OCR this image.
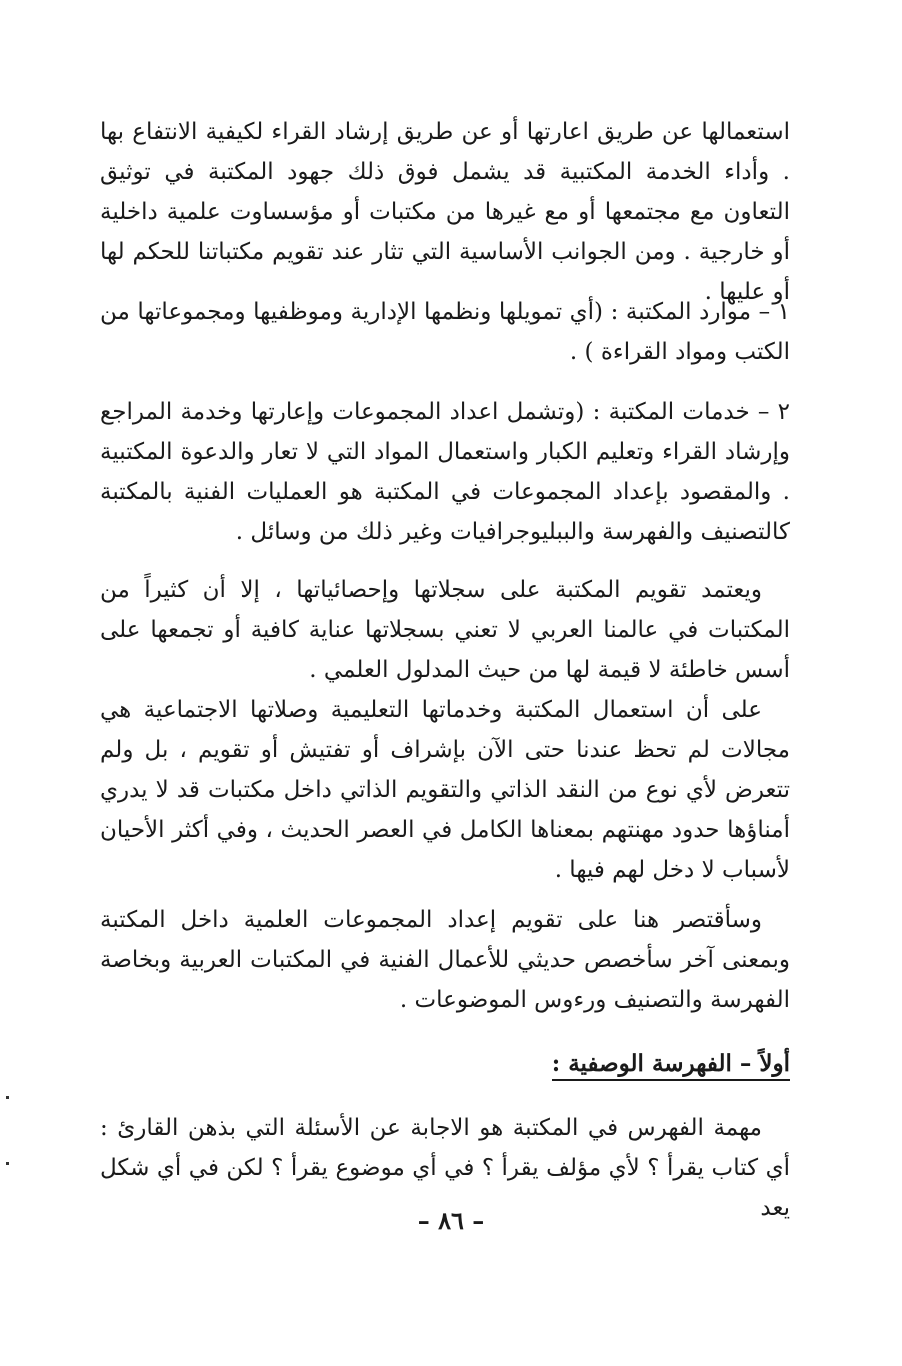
استعمالها عن طريق اعارتها أو عن طريق إرشاد القراء لكيفية الانتفاع بها . وأداء الخدمة المكتبية قد يشمل فوق ذلك جهود المكتبة في توثيق التعاون مع مجتمعها أو مع غيرها من مكتبات أو مؤسساوت علمية داخلية أو خارجية . ومن الجوانب الأساسية التي تثار عند تقويم مكتباتنا للحكم لها أو عليها .

١ – موارد المكتبة : (أي تمويلها ونظمها الإدارية وموظفيها ومجموعاتها من الكتب ومواد القراءة ) .

٢ – خدمات المكتبة : (وتشمل اعداد المجموعات وإعارتها وخدمة المراجع وإرشاد القراء وتعليم الكبار واستعمال المواد التي لا تعار والدعوة المكتبية . والمقصود بإعداد المجموعات في المكتبة هو العمليات الفنية بالمكتبة كالتصنيف والفهرسة والببليوجرافيات وغير ذلك من وسائل .

ويعتمد تقويم المكتبة على سجلاتها وإحصائياتها ، إلا أن كثيراً من المكتبات في عالمنا العربي لا تعني بسجلاتها عناية كافية أو تجمعها على أسس خاطئة لا قيمة لها من حيث المدلول العلمي .

على أن استعمال المكتبة وخدماتها التعليمية وصلاتها الاجتماعية هي مجالات لم تحظ عندنا حتى الآن بإشراف أو تفتيش أو تقويم ، بل ولم تتعرض لأي نوع من النقد الذاتي والتقويم الذاتي داخل مكتبات قد لا يدري أمناؤها حدود مهنتهم بمعناها الكامل في العصر الحديث ، وفي أكثر الأحيان لأسباب لا دخل لهم فيها .

وسأقتصر هنا على تقويم إعداد المجموعات العلمية داخل المكتبة وبمعنى آخر سأخصص حديثي للأعمال الفنية في المكتبات العربية وبخاصة الفهرسة والتصنيف ورءوس الموضوعات .

أولاً – الفهرسة الوصفية :

مهمة الفهرس في المكتبة هو الاجابة عن الأسئلة التي بذهن القارئ : أي كتاب يقرأ ؟ لأي مؤلف يقرأ ؟ في أي موضوع يقرأ ؟ لكن في أي شكل يعد

– ٨٦ –
